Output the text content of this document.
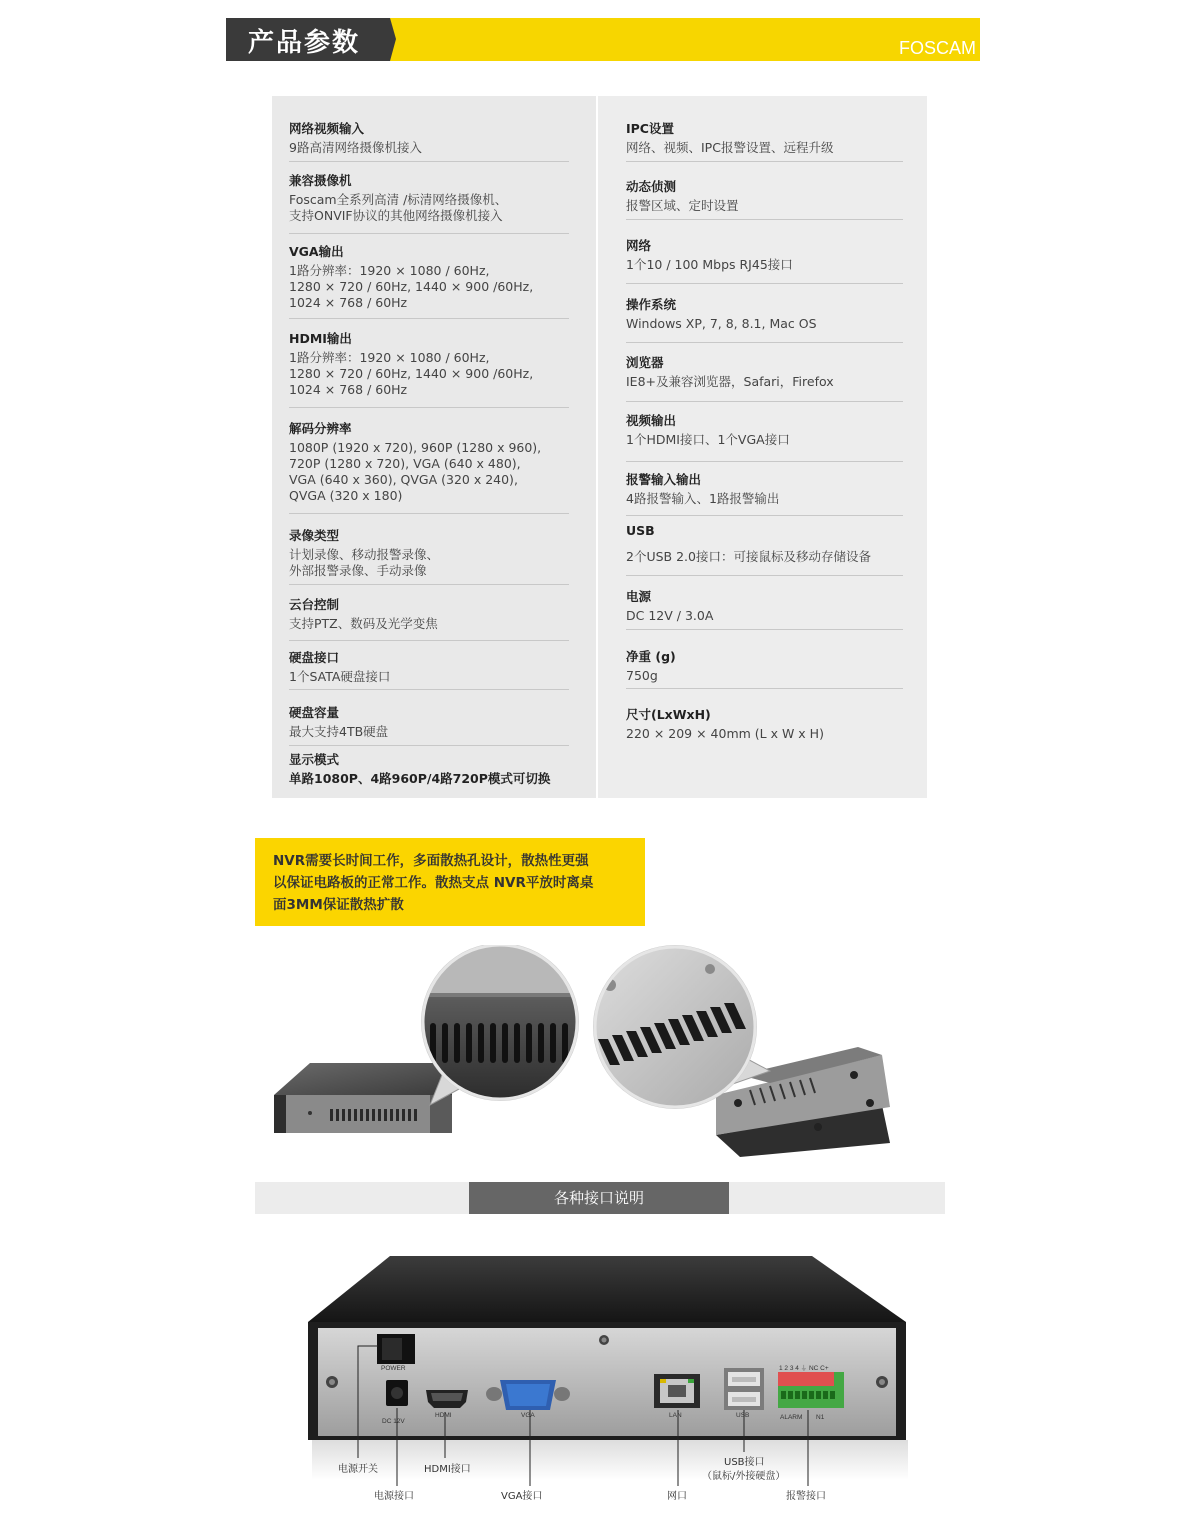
产品参数	FOSCAM
网络视频输入
9路高清网络摄像机接入
兼容摄像机
Foscam全系列高清 /标清网络摄像机、
支持ONVIF协议的其他网络摄像机接入
VGA输出
1路分辨率：1920 × 1080 / 60Hz,
1280 × 720 / 60Hz, 1440 × 900 /60Hz,
1024 × 768 / 60Hz
HDMI输出
1路分辨率：1920 × 1080 / 60Hz,
1280 × 720 / 60Hz, 1440 × 900 /60Hz,
1024 × 768 / 60Hz
解码分辨率
1080P (1920 x 720), 960P (1280 x 960),
720P (1280 x 720), VGA (640 x 480),
VGA (640 x 360), QVGA (320 x 240),
QVGA (320 x 180)
录像类型
计划录像、移动报警录像、
外部报警录像、手动录像
云台控制
支持PTZ、数码及光学变焦
硬盘接口
1个SATA硬盘接口
硬盘容量
最大支持4TB硬盘
显示模式
单路1080P、4路960P/4路720P模式可切换
IPC设置
网络、视频、IPC报警设置、远程升级
动态侦测
报警区域、定时设置
网络
1个10 / 100 Mbps RJ45接口
操作系统
Windows XP, 7, 8, 8.1, Mac OS
浏览器
IE8+及兼容浏览器，Safari，Firefox
视频输出
1个HDMI接口、1个VGA接口
报警输入输出
4路报警输入、1路报警输出
USB
2个USB 2.0接口：可接鼠标及移动存储设备
电源
DC 12V / 3.0A
净重 (g)
750g
尺寸(LxWxH)
220 × 209 × 40mm (L x W x H)
NVR需要长时间工作，多面散热孔设计，散热性更强
以保证电路板的正常工作。散热支点 NVR平放时离桌
面3MM保证散热扩散
各种接口说明
POWER
DC 12V
HDMI	VGA	LAN	USB
1 2 3 4 ⏚ NC C+
ALARM N1
电源开关
电源接口
HDMI接口
VGA接口	网口
USB接口
（鼠标/外接硬盘）
报警接口
